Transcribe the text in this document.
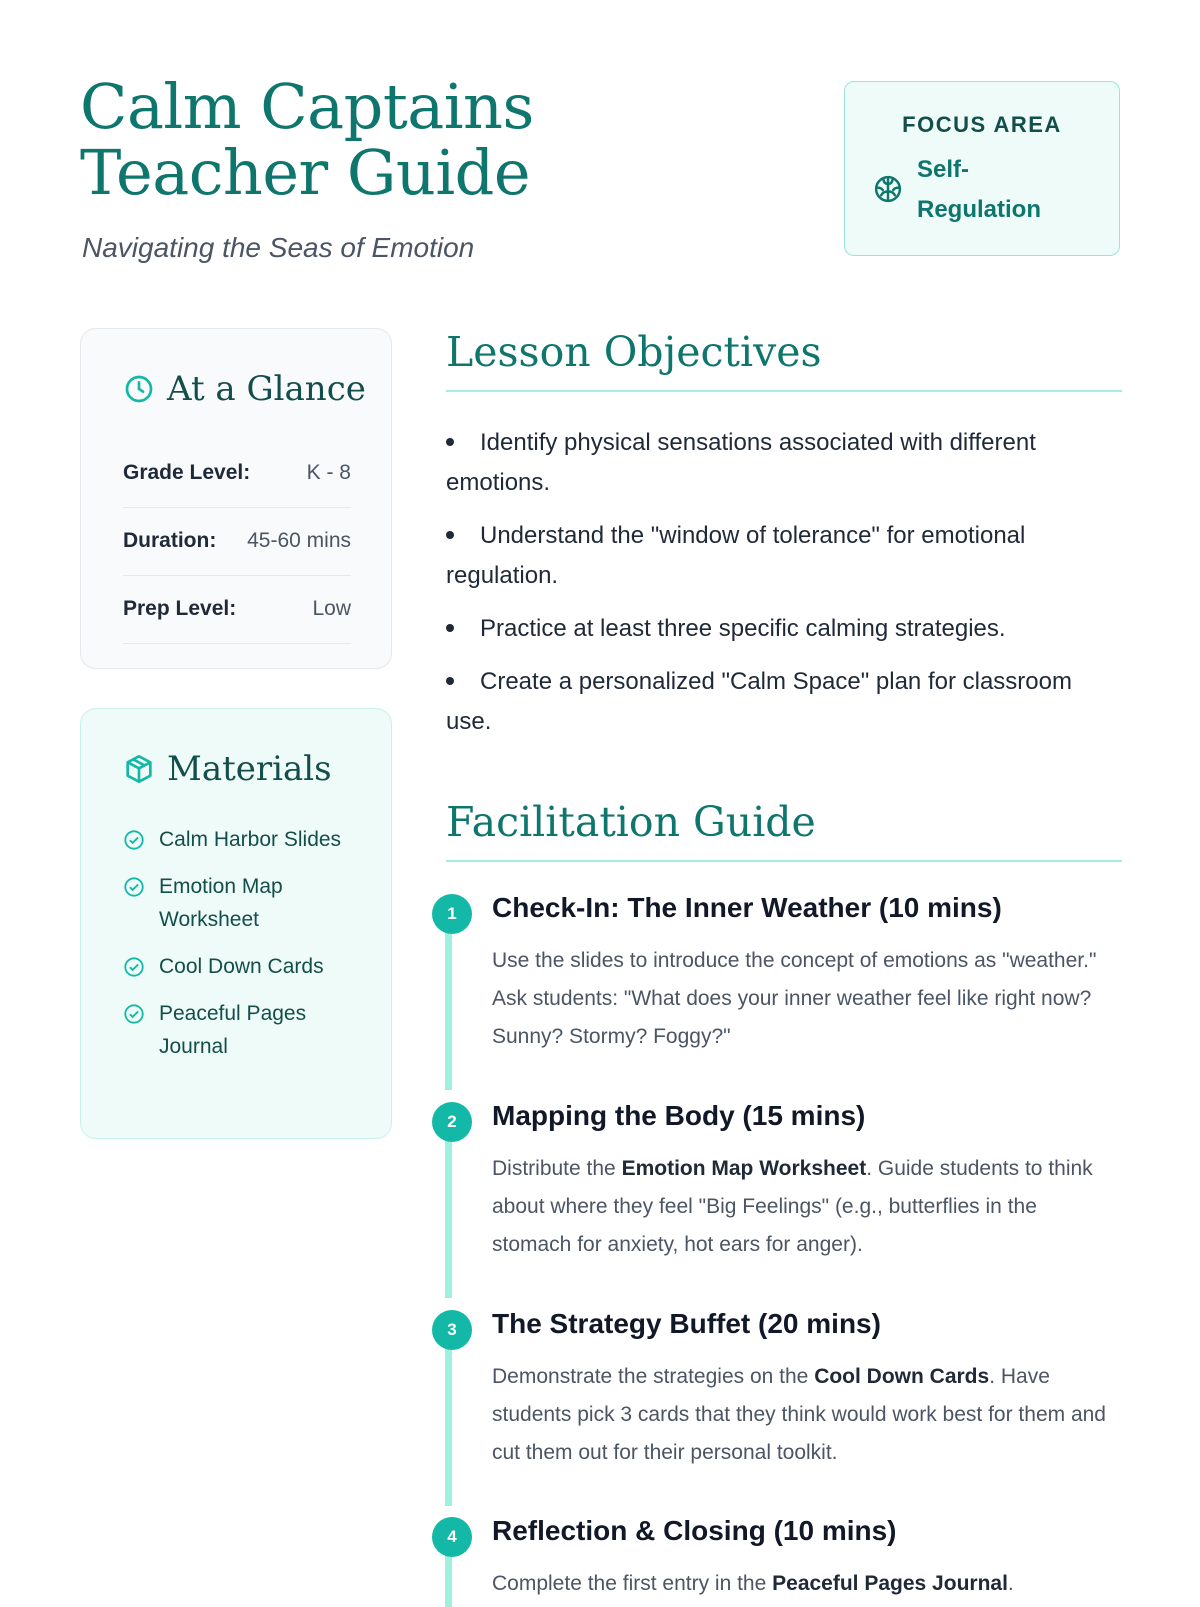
Calm Captains Teacher Guide

Navigating the Seas of Emotion

FOCUS AREA
Self-Regulation
At a Glance
Grade Level:	K - 8
Duration: 45-60 mins
Prep Level:	Low
Materials
Calm Harbor Slides
Emotion Map Worksheet
Cool Down Cards
Peaceful Pages Journal
Lesson Objectives
Identify physical sensations associated with different emotions.
Understand the "window of tolerance" for emotional regulation.
Practice at least three specific calming strategies.
Create a personalized "Calm Space" plan for classroom use.
Facilitation Guide
1	Check-In: The Inner Weather (10 mins)

Use the slides to introduce the concept of emotions as "weather." Ask students: "What does your inner weather feel like right now? Sunny? Stormy? Foggy?"

2	Mapping the Body (15 mins)

Distribute the Emotion Map Worksheet. Guide students to think about where they feel "Big Feelings" (e.g., butterflies in the stomach for anxiety, hot ears for anger).

3	The Strategy Buffet (20 mins)

Demonstrate the strategies on the Cool Down Cards. Have students pick 3 cards that they think would work best for them and cut them out for their personal toolkit.

4	Reflection & Closing (10 mins)

Complete the first entry in the Peaceful Pages Journal.
